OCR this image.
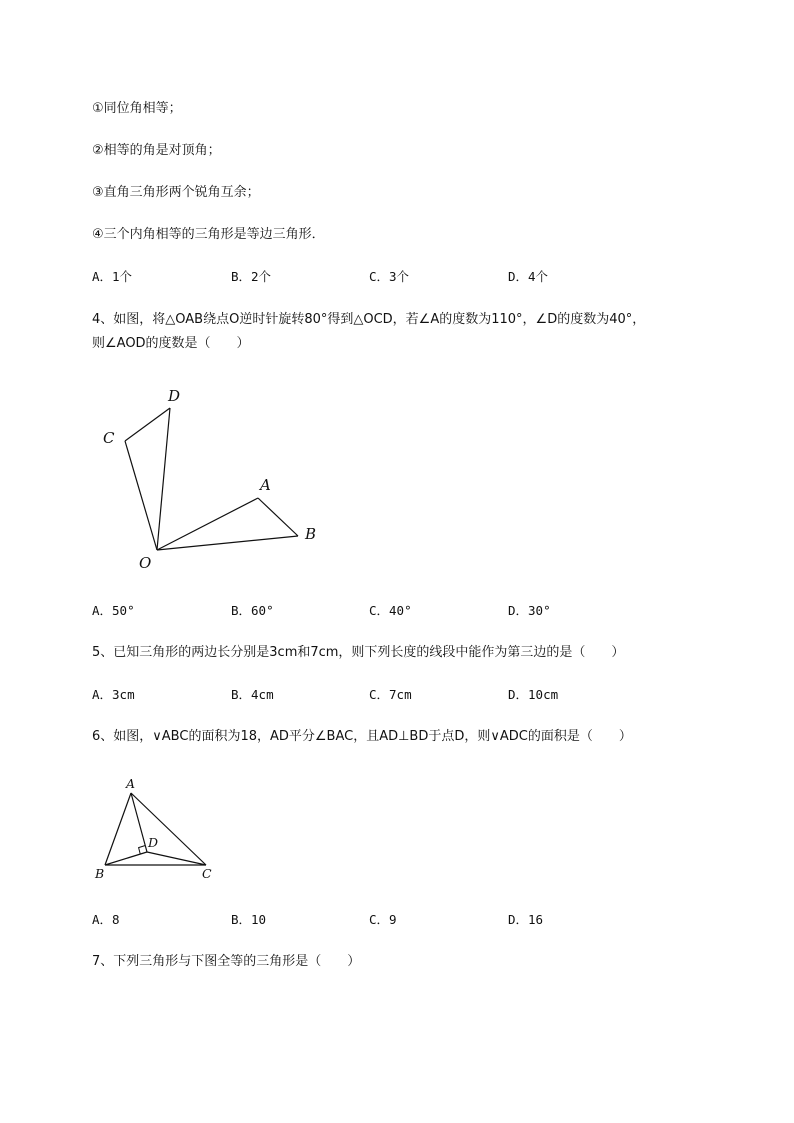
①同位角相等；
②相等的角是对顶角；
③直角三角形两个锐角互余；
④三个内角相等的三角形是等边三角形．
A．1个	B．2个	C．3个	D．4个
4、如图，将△OAB绕点O逆时针旋转80°得到△OCD，若∠A的度数为110°，∠D的度数为40°，
则∠AOD的度数是（　　）
C
D
A
B
O
A．50°	B．60°	C．40°	D．30°
5、已知三角形的两边长分别是3cm和7cm，则下列长度的线段中能作为第三边的是（　　）
A．3cm	B．4cm	C．7cm	D．10cm
6、如图，∨ABC的面积为18，AD平分∠BAC，且AD⊥BD于点D，则∨ADC的面积是（　　）
A
B	C
D
A．8	B．10	C．9	D．16
7、下列三角形与下图全等的三角形是（　　）
